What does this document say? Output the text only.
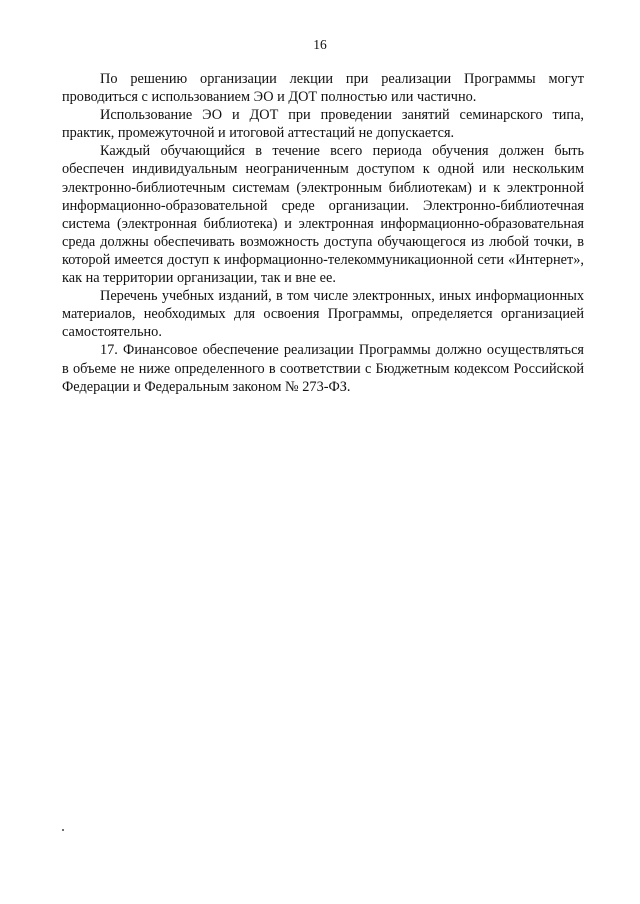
16

По решению организации лекции при реализации Программы могут проводиться с использованием ЭО и ДОТ полностью или частично.

Использование ЭО и ДОТ при проведении занятий семинарского типа, практик, промежуточной и итоговой аттестаций не допускается.

Каждый обучающийся в течение всего периода обучения должен быть обеспечен индивидуальным неограниченным доступом к одной или нескольким электронно-библиотечным системам (электронным библиотекам) и к электронной информационно-образовательной среде организации. Электронно-библиотечная система (электронная библиотека) и электронная информационно-образовательная среда должны обеспечивать возможность доступа обучающегося из любой точки, в которой имеется доступ к информационно-телекоммуникационной сети «Интернет», как на территории организации, так и вне ее.

Перечень учебных изданий, в том числе электронных, иных информационных материалов, необходимых для освоения Программы, определяется организацией самостоятельно.

17. Финансовое обеспечение реализации Программы должно осуществляться в объеме не ниже определенного в соответствии с Бюджетным кодексом Российской Федерации и Федеральным законом № 273-ФЗ.
